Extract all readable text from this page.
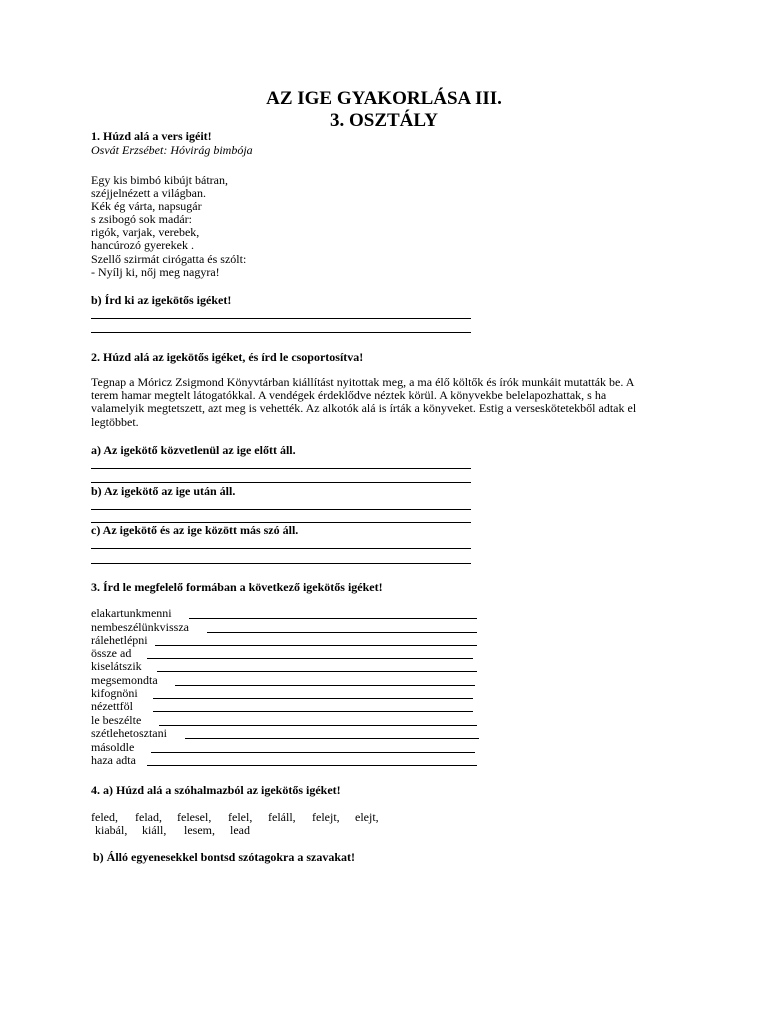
AZ IGE GYAKORLÁSA III.
3. OSZTÁLY
1. Húzd alá a vers igéit!
Osvát Erzsébet: Hóvirág bimbója
Egy kis bimbó kibújt bátran,
széjjelnézett a világban.
Kék ég várta, napsugár
s zsibogó sok madár:
rigók, varjak, verebek,
hancúrozó gyerekek .
Szellő szirmát cirógatta és szólt:
- Nyílj ki, nőj meg nagyra!
b) Írd ki az igekötős igéket!
2. Húzd alá az igekötős igéket, és írd le csoportosítva!
Tegnap a Móricz Zsigmond Könyvtárban kiállítást nyitottak meg, a ma élő költők és írók munkáit mutatták be. A terem hamar megtelt látogatókkal. A vendégek érdeklődve néztek körül. A könyvekbe belelapozhattak, s ha valamelyik megtetszett, azt meg is vehették. Az alkotók alá is írták a könyveket. Estig a verseskötetekből adtak el legtöbbet.
a) Az igekötő közvetlenül az ige előtt áll.
b) Az igekötő az ige után áll.
c) Az igekötő és az ige között más szó áll.
3. Írd le megfelelő formában a következő igekötős igéket!
elakartunkmenni
nembeszélünkvissza
rálehetlépni
össze ad
kiselátszik
megsemondta
kifognöni
nézettföl
le beszélte
szétlehetosztani
másoldle
haza adta
4. a) Húzd alá a szóhalmazból az igekötős igéket!
feled, felad, felesel, felel, feláll, felejt, elejt,
kiabál, kiáll, lesem, lead
b) Álló egyenesekkel bontsd szótagokra a szavakat!
